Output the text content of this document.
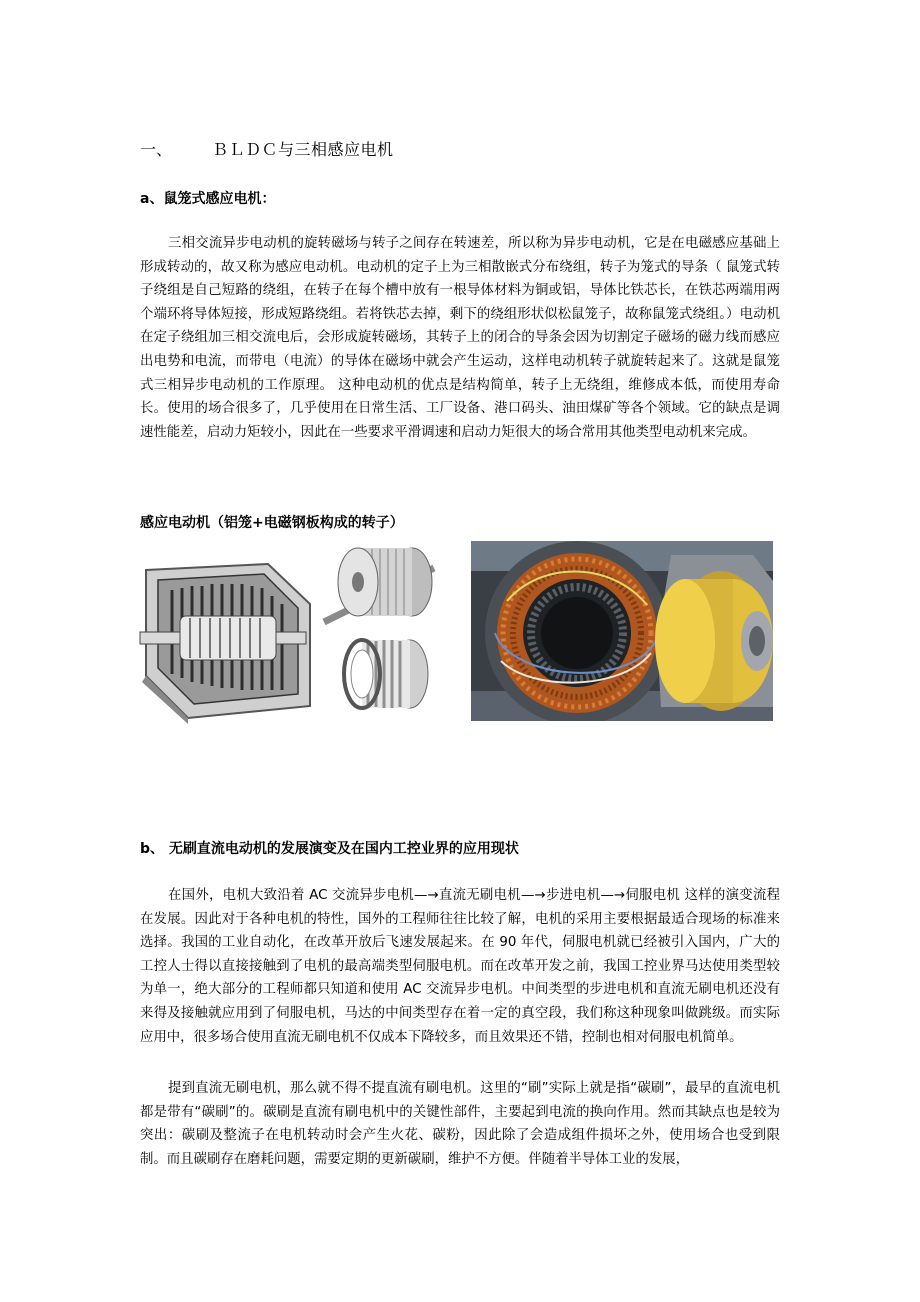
一、 ＢＬＤＣ与三相感应电机
a、鼠笼式感应电机：

三相交流异步电动机的旋转磁场与转子之间存在转速差，所以称为异步电动机，它是在电磁感应基础上形成转动的，故又称为感应电动机。电动机的定子上为三相散嵌式分布绕组，转子为笼式的导条（ 鼠笼式转子绕组是自己短路的绕组，在转子在每个槽中放有一根导体材料为铜或铝，导体比铁芯长，在铁芯两端用两个端环将导体短接，形成短路绕组。若将铁芯去掉，剩下的绕组形状似松鼠笼子，故称鼠笼式绕组。）电动机在定子绕组加三相交流电后，会形成旋转磁场，其转子上的闭合的导条会因为切割定子磁场的磁力线而感应出电势和电流，而带电（电流）的导体在磁场中就会产生运动，这样电动机转子就旋转起来了。这就是鼠笼式三相异步电动机的工作原理。 这种电动机的优点是结构简单，转子上无绕组，维修成本低，而使用寿命长。使用的场合很多了，几乎使用在日常生活、工厂设备、港口码头、油田煤矿等各个领域。它的缺点是调速性能差，启动力矩较小，因此在一些要求平滑调速和启动力矩很大的场合常用其他类型电动机来完成。

感应电动机（铝笼+电磁钢板构成的转子）
b、 无刷直流电动机的发展演变及在国内工控业界的应用现状

在国外，电机大致沿着 AC 交流异步电机—→直流无刷电机—→步进电机—→伺服电机 这样的演变流程在发展。因此对于各种电机的特性，国外的工程师往往比较了解，电机的采用主要根据最适合现场的标准来选择。我国的工业自动化，在改革开放后飞速发展起来。在 90 年代，伺服电机就已经被引入国内，广大的工控人士得以直接接触到了电机的最高端类型伺服电机。而在改革开发之前，我国工控业界马达使用类型较为单一，绝大部分的工程师都只知道和使用 AC 交流异步电机。中间类型的步进电机和直流无刷电机还没有来得及接触就应用到了伺服电机，马达的中间类型存在着一定的真空段，我们称这种现象叫做跳级。而实际应用中，很多场合使用直流无刷电机不仅成本下降较多，而且效果还不错，控制也相对伺服电机简单。

提到直流无刷电机，那么就不得不提直流有刷电机。这里的“刷”实际上就是指“碳刷”，最早的直流电机都是带有“碳刷”的。碳刷是直流有刷电机中的关键性部件，主要起到电流的换向作用。然而其缺点也是较为突出：碳刷及整流子在电机转动时会产生火花、碳粉，因此除了会造成组件损坏之外，使用场合也受到限制。而且碳刷存在磨耗问题，需要定期的更新碳刷，维护不方便。伴随着半导体工业的发展，
